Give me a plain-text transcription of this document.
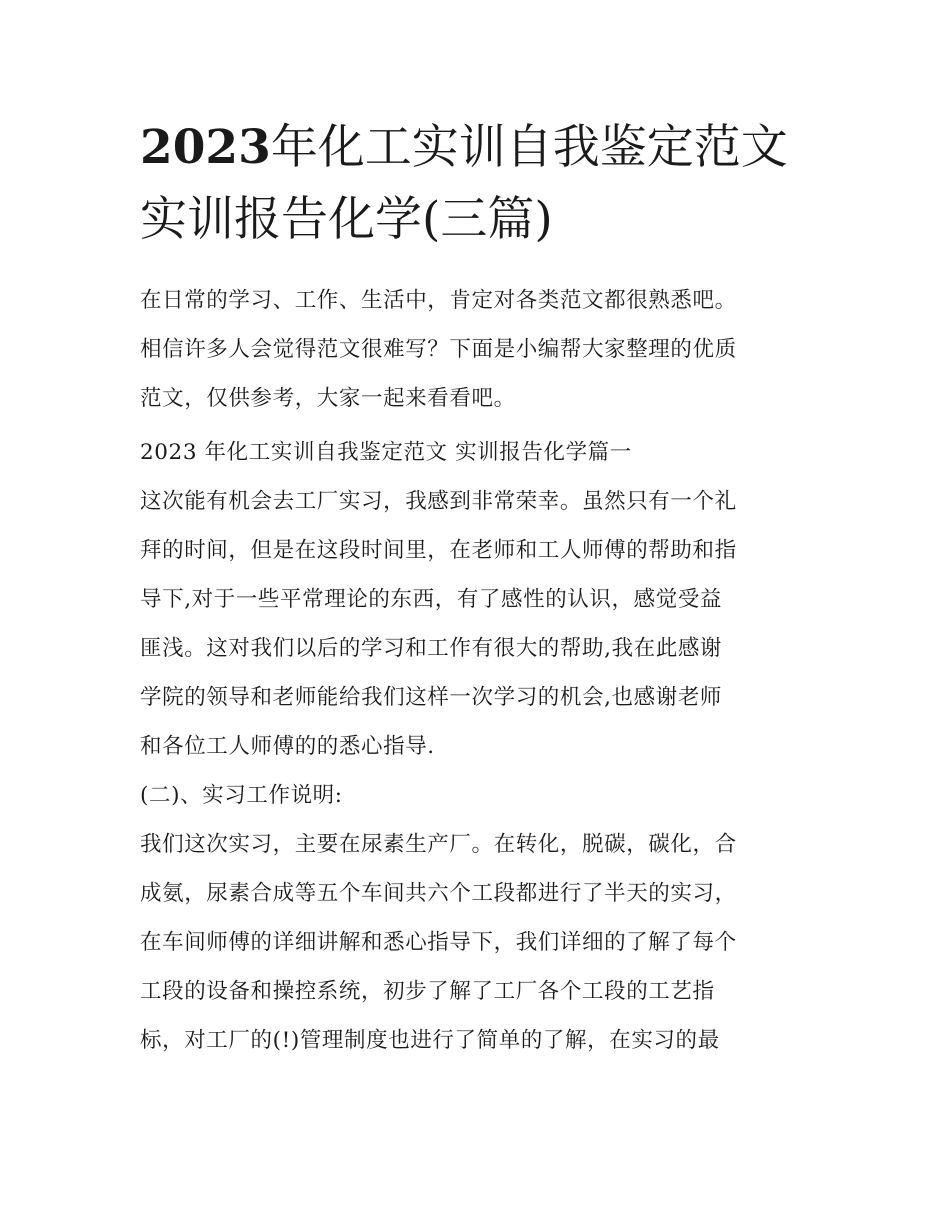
2023年化工实训自我鉴定范文
实训报告化学(三篇)
在日常的学习、工作、生活中，肯定对各类范文都很熟悉吧。
相信许多人会觉得范文很难写？下面是小编帮大家整理的优质
范文，仅供参考，大家一起来看看吧。
2023 年化工实训自我鉴定范文 实训报告化学篇一
这次能有机会去工厂实习，我感到非常荣幸。虽然只有一个礼
拜的时间，但是在这段时间里，在老师和工人师傅的帮助和指
导下,对于一些平常理论的东西，有了感性的认识，感觉受益
匪浅。这对我们以后的学习和工作有很大的帮助,我在此感谢
学院的领导和老师能给我们这样一次学习的机会,也感谢老师
和各位工人师傅的的悉心指导.
(二)、实习工作说明:
我们这次实习，主要在尿素生产厂。在转化，脱碳，碳化，合
成氨，尿素合成等五个车间共六个工段都进行了半天的实习，
在车间师傅的详细讲解和悉心指导下，我们详细的了解了每个
工段的设备和操控系统，初步了解了工厂各个工段的工艺指
标，对工厂的(!)管理制度也进行了简单的了解，在实习的最
